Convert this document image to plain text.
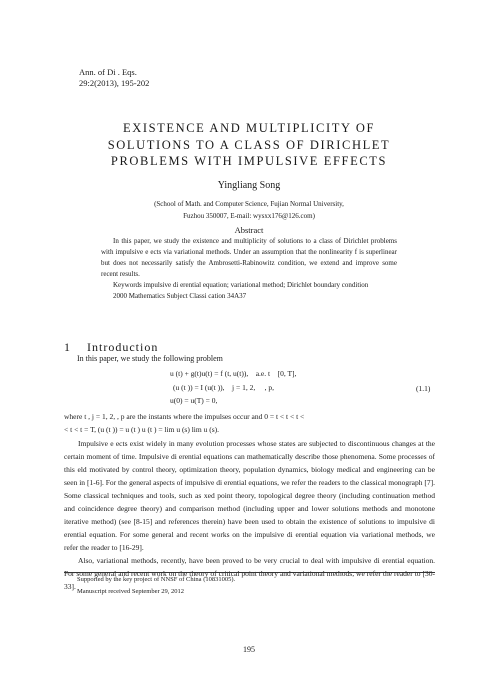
Ann. of Di . Eqs.
29:2(2013), 195-202
EXISTENCE AND MULTIPLICITY OF
SOLUTIONS TO A CLASS OF DIRICHLET
PROBLEMS WITH IMPULSIVE EFFECTS
Yingliang Song
(School of Math. and Computer Science, Fujian Normal University,
Fuzhou 350007, E-mail: wysxx176@126.com)
Abstract

In this paper, we study the existence and multiplicity of solutions to a class of Dirichlet problems with impulsive e ects via variational methods. Under an assumption that the nonlinearity f is superlinear but does not necessarily satisfy the Ambrosetti-Rabinowitz condition, we extend and improve some recent results.

Keywords impulsive di erential equation; variational method; Dirichlet boundary condition

2000 Mathematics Subject Classi cation 34A37

1 Introduction
In this paper, we study the following problem
u (t) + g(t)u(t) = f (t, u(t)),    a.e. t    [0, T],
(u (t )) = I (u(t )),    j = 1, 2,     , p,	(1.1)
u(0) = u(T) = 0,
where t , j = 1, 2, , p are the instants where the impulses occur and 0 = t < t < t <
< t < t = T, (u (t )) = u (t ) u (t ) = lim u (s) lim u (s).

Impulsive e ects exist widely in many evolution processes whose states are subjected to discontinuous changes at the certain moment of time. Impulsive di erential equations can mathematically describe those phenomena. Some processes of this eld motivated by control theory, optimization theory, population dynamics, biology medical and engineering can be seen in [1-6]. For the general aspects of impulsive di erential equations, we refer the readers to the classical monograph [7]. Some classical techniques and tools, such as xed point theory, topological degree theory (including continuation method and coincidence degree theory) and comparison method (including upper and lower solutions methods and monotone iterative method) (see [8-15] and references therein) have been used to obtain the existence of solutions to impulsive di erential equation. For some general and recent works on the impulsive di erential equation via variational methods, we refer the reader to [16-29].

Also, variational methods, recently, have been proved to be very crucial to deal with impulsive di erential equation. For some general and recent work on the theory of critical point theory and variational methods, we refer the reader to [30-33].

Supported by the key project of NNSF of China (10831005).
Manuscript received September 29, 2012
195
